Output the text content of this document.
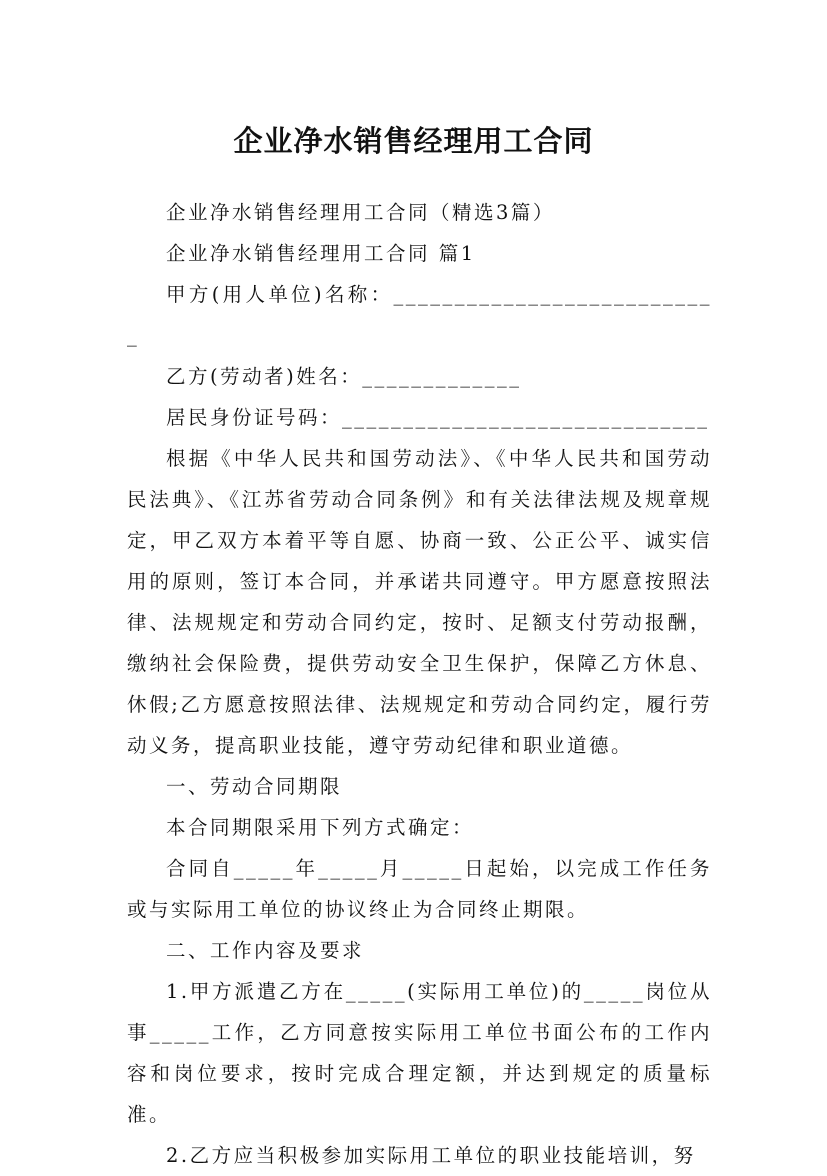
企业净水销售经理用工合同

企业净水销售经理用工合同（精选3篇）

企业净水销售经理用工合同 篇1

甲方(用人单位)名称：___________________________

乙方(劳动者)姓名：_____________

居民身份证号码：______________________________

根据《中华人民共和国劳动法》、《中华人民共和国劳动民法典》、《江苏省劳动合同条例》和有关法律法规及规章规定，甲乙双方本着平等自愿、协商一致、公正公平、诚实信用的原则，签订本合同，并承诺共同遵守。甲方愿意按照法律、法规规定和劳动合同约定，按时、足额支付劳动报酬，缴纳社会保险费，提供劳动安全卫生保护，保障乙方休息、休假;乙方愿意按照法律、法规规定和劳动合同约定，履行劳动义务，提高职业技能，遵守劳动纪律和职业道德。

一、劳动合同期限

本合同期限采用下列方式确定：

合同自_____年_____月_____日起始，以完成工作任务或与实际用工单位的协议终止为合同终止期限。

二、工作内容及要求

1.甲方派遣乙方在_____(实际用工单位)的_____岗位从事_____工作，乙方同意按实际用工单位书面公布的工作内容和岗位要求，按时完成合理定额，并达到规定的质量标准。

2.乙方应当积极参加实际用工单位的职业技能培训，努
